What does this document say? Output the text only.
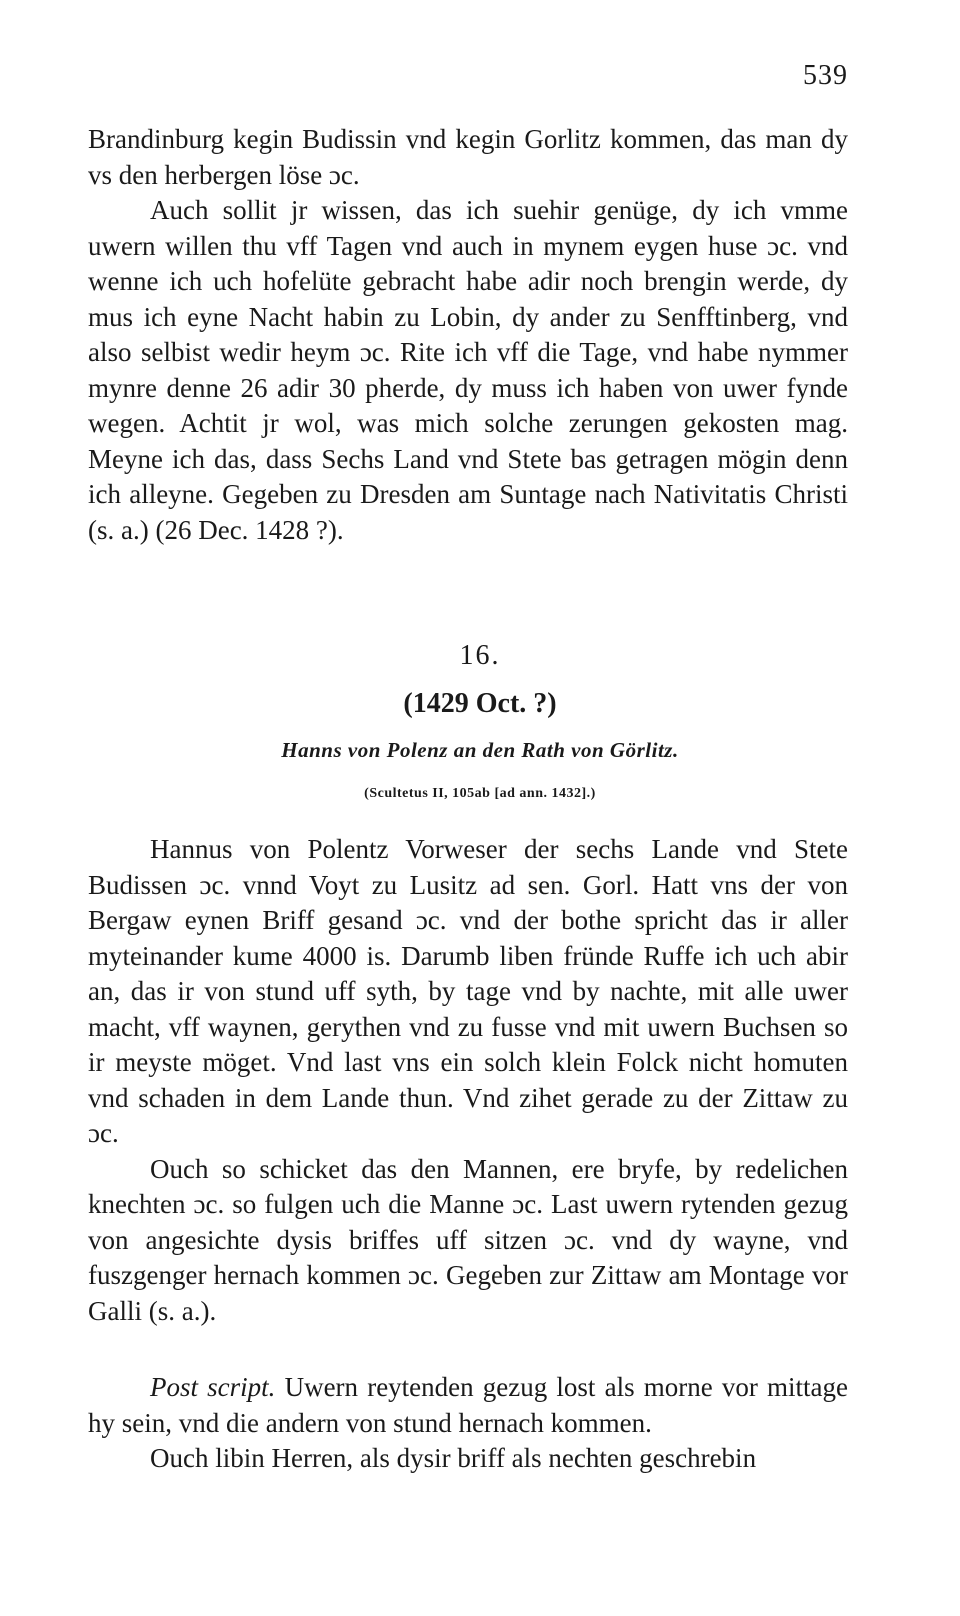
539

Brandinburg kegin Budissin vnd kegin Gorlitz kommen, das man dy vs den herbergen löse ɔc.

Auch sollit jr wissen, das ich suehir genüge, dy ich vmme uwern willen thu vff Tagen vnd auch in mynem eygen huse ɔc. vnd wenne ich uch hofelüte gebracht habe adir noch brengin werde, dy mus ich eyne Nacht habin zu Lobin, dy ander zu Senfftinberg, vnd also selbist wedir heym ɔc. Rite ich vff die Tage, vnd habe nymmer mynre denne 26 adir 30 pherde, dy muss ich haben von uwer fynde wegen. Achtit jr wol, was mich solche zerungen gekosten mag. Meyne ich das, dass Sechs Land vnd Stete bas getragen mögin denn ich alleyne. Gegeben zu Dresden am Suntage nach Nativitatis Christi (s. a.) (26 Dec. 1428 ?).

16.
(1429 Oct. ?)
Hanns von Polenz an den Rath von Görlitz.
(Scultetus II, 105ab [ad ann. 1432].)

Hannus von Polentz Vorweser der sechs Lande vnd Stete Budissen ɔc. vnnd Voyt zu Lusitz ad sen. Gorl. Hatt vns der von Bergaw eynen Briff gesand ɔc. vnd der bothe spricht das ir aller myteinander kume 4000 is. Darumb liben fründe Ruffe ich uch abir an, das ir von stund uff syth, by tage vnd by nachte, mit alle uwer macht, vff waynen, gerythen vnd zu fusse vnd mit uwern Buchsen so ir meyste möget. Vnd last vns ein solch klein Folck nicht homuten vnd schaden in dem Lande thun. Vnd zihet gerade zu der Zittaw zu ɔc.

Ouch so schicket das den Mannen, ere bryfe, by redelichen knechten ɔc. so fulgen uch die Manne ɔc. Last uwern rytenden gezug von angesichte dysis briffes uff sitzen ɔc. vnd dy wayne, vnd fuszgenger hernach kommen ɔc. Gegeben zur Zittaw am Montage vor Galli (s. a.).

Post script. Uwern reytenden gezug lost als morne vor mittage hy sein, vnd die andern von stund hernach kommen.

Ouch libin Herren, als dysir briff als nechten geschrebin
